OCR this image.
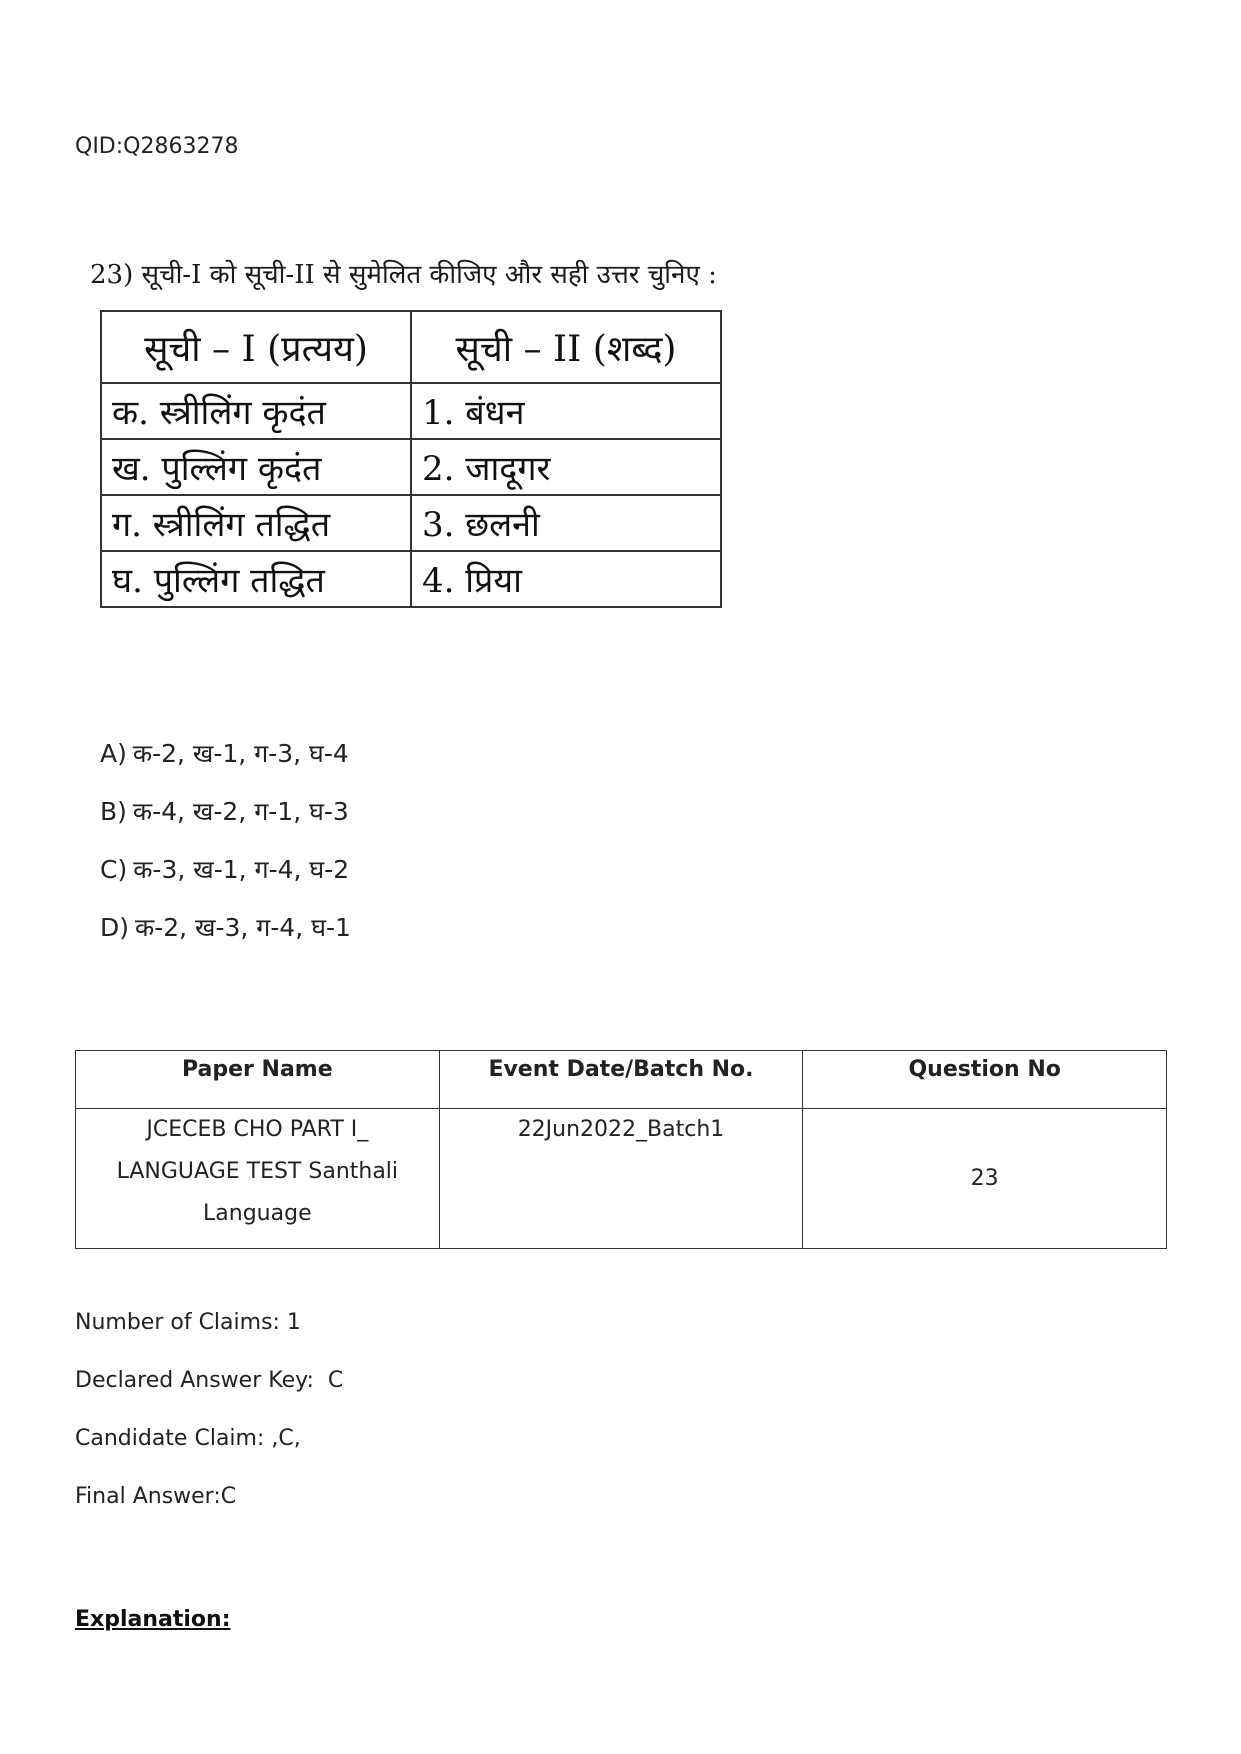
QID:Q2863278
23) सूची-I को सूची-II से सुमेलित कीजिए और सही उत्तर चुनिए :
सूची – I (प्रत्यय)	सूची – II (शब्द)
क. स्त्रीलिंग कृदंत	1. बंधन
ख. पुल्लिंग कृदंत	2. जादूगर
ग. स्त्रीलिंग तद्धित	3. छलनी
घ. पुल्लिंग तद्धित	4. प्रिया
A) क-2, ख-1, ग-3, घ-4
B) क-4, ख-2, ग-1, घ-3
C) क-3, ख-1, ग-4, घ-2
D) क-2, ख-3, ग-4, घ-1
Paper Name	Event Date/Batch No.	Question No

JCECEB CHO PART I_
LANGUAGE TEST Santhali
Language	22Jun2022_Batch1	23
Number of Claims: 1
Declared Answer Key:  C
Candidate Claim: ,C,
Final Answer:C
Explanation:
